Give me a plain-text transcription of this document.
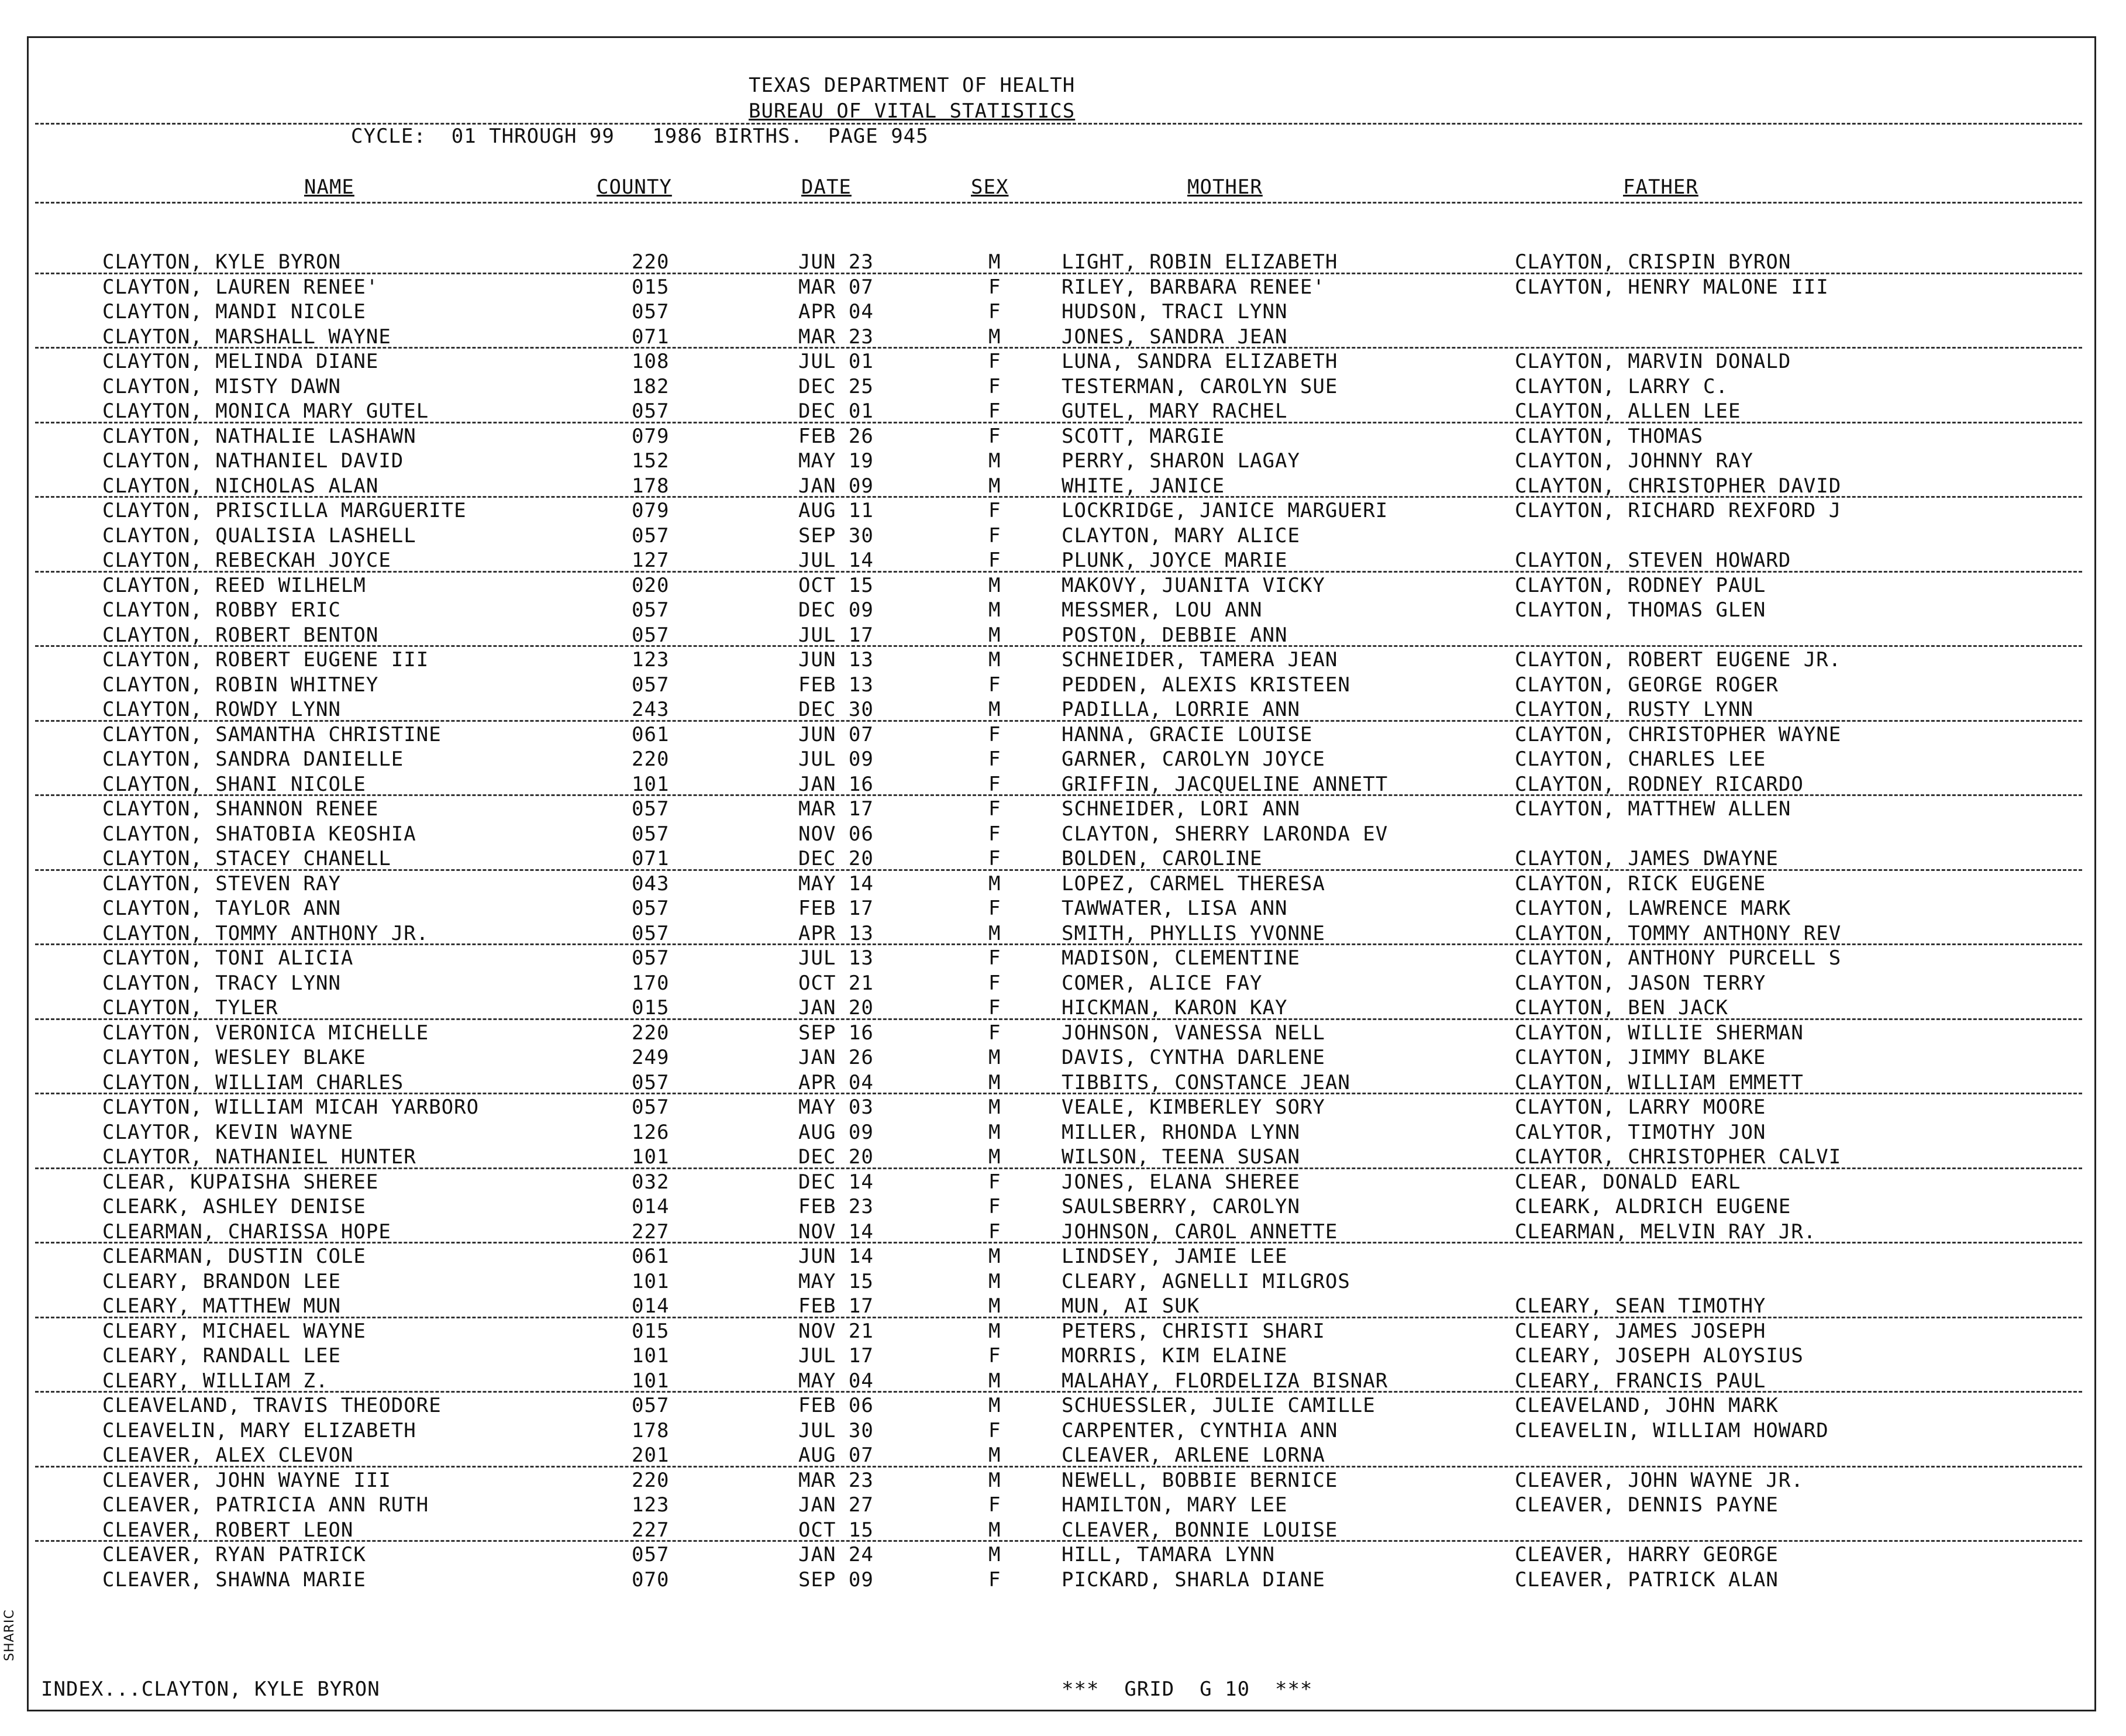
TEXAS DEPARTMENT OF HEALTH
BUREAU OF VITAL STATISTICS
CYCLE:  01 THROUGH 99   1986 BIRTHS.  PAGE 945
NAME	COUNTY	DATE	SEX	MOTHER	FATHER
CLAYTON, KYLE BYRON	220	JUN 23	M	LIGHT, ROBIN ELIZABETH	CLAYTON, CRISPIN BYRON
CLAYTON, LAUREN RENEE'	015	MAR 07	F	RILEY, BARBARA RENEE'	CLAYTON, HENRY MALONE III
CLAYTON, MANDI NICOLE	057	APR 04	F	HUDSON, TRACI LYNN
CLAYTON, MARSHALL WAYNE	071	MAR 23	M	JONES, SANDRA JEAN
CLAYTON, MELINDA DIANE	108	JUL 01	F	LUNA, SANDRA ELIZABETH	CLAYTON, MARVIN DONALD
CLAYTON, MISTY DAWN	182	DEC 25	F	TESTERMAN, CAROLYN SUE	CLAYTON, LARRY C.
CLAYTON, MONICA MARY GUTEL	057	DEC 01	F	GUTEL, MARY RACHEL	CLAYTON, ALLEN LEE
CLAYTON, NATHALIE LASHAWN	079	FEB 26	F	SCOTT, MARGIE	CLAYTON, THOMAS
CLAYTON, NATHANIEL DAVID	152	MAY 19	M	PERRY, SHARON LAGAY	CLAYTON, JOHNNY RAY
CLAYTON, NICHOLAS ALAN	178	JAN 09	M	WHITE, JANICE	CLAYTON, CHRISTOPHER DAVID
CLAYTON, PRISCILLA MARGUERITE	079	AUG 11	F	LOCKRIDGE, JANICE MARGUERI	CLAYTON, RICHARD REXFORD J
CLAYTON, QUALISIA LASHELL	057	SEP 30	F	CLAYTON, MARY ALICE
CLAYTON, REBECKAH JOYCE	127	JUL 14	F	PLUNK, JOYCE MARIE	CLAYTON, STEVEN HOWARD
CLAYTON, REED WILHELM	020	OCT 15	M	MAKOVY, JUANITA VICKY	CLAYTON, RODNEY PAUL
CLAYTON, ROBBY ERIC	057	DEC 09	M	MESSMER, LOU ANN	CLAYTON, THOMAS GLEN
CLAYTON, ROBERT BENTON	057	JUL 17	M	POSTON, DEBBIE ANN
CLAYTON, ROBERT EUGENE III	123	JUN 13	M	SCHNEIDER, TAMERA JEAN	CLAYTON, ROBERT EUGENE JR.
CLAYTON, ROBIN WHITNEY	057	FEB 13	F	PEDDEN, ALEXIS KRISTEEN	CLAYTON, GEORGE ROGER
CLAYTON, ROWDY LYNN	243	DEC 30	M	PADILLA, LORRIE ANN	CLAYTON, RUSTY LYNN
CLAYTON, SAMANTHA CHRISTINE	061	JUN 07	F	HANNA, GRACIE LOUISE	CLAYTON, CHRISTOPHER WAYNE
CLAYTON, SANDRA DANIELLE	220	JUL 09	F	GARNER, CAROLYN JOYCE	CLAYTON, CHARLES LEE
CLAYTON, SHANI NICOLE	101	JAN 16	F	GRIFFIN, JACQUELINE ANNETT	CLAYTON, RODNEY RICARDO
CLAYTON, SHANNON RENEE	057	MAR 17	F	SCHNEIDER, LORI ANN	CLAYTON, MATTHEW ALLEN
CLAYTON, SHATOBIA KEOSHIA	057	NOV 06	F	CLAYTON, SHERRY LARONDA EV
CLAYTON, STACEY CHANELL	071	DEC 20	F	BOLDEN, CAROLINE	CLAYTON, JAMES DWAYNE
CLAYTON, STEVEN RAY	043	MAY 14	M	LOPEZ, CARMEL THERESA	CLAYTON, RICK EUGENE
CLAYTON, TAYLOR ANN	057	FEB 17	F	TAWWATER, LISA ANN	CLAYTON, LAWRENCE MARK
CLAYTON, TOMMY ANTHONY JR.	057	APR 13	M	SMITH, PHYLLIS YVONNE	CLAYTON, TOMMY ANTHONY REV
CLAYTON, TONI ALICIA	057	JUL 13	F	MADISON, CLEMENTINE	CLAYTON, ANTHONY PURCELL S
CLAYTON, TRACY LYNN	170	OCT 21	F	COMER, ALICE FAY	CLAYTON, JASON TERRY
CLAYTON, TYLER	015	JAN 20	F	HICKMAN, KARON KAY	CLAYTON, BEN JACK
CLAYTON, VERONICA MICHELLE	220	SEP 16	F	JOHNSON, VANESSA NELL	CLAYTON, WILLIE SHERMAN
CLAYTON, WESLEY BLAKE	249	JAN 26	M	DAVIS, CYNTHA DARLENE	CLAYTON, JIMMY BLAKE
CLAYTON, WILLIAM CHARLES	057	APR 04	M	TIBBITS, CONSTANCE JEAN	CLAYTON, WILLIAM EMMETT
CLAYTON, WILLIAM MICAH YARBORO	057	MAY 03	M	VEALE, KIMBERLEY SORY	CLAYTON, LARRY MOORE
CLAYTOR, KEVIN WAYNE	126	AUG 09	M	MILLER, RHONDA LYNN	CALYTOR, TIMOTHY JON
CLAYTOR, NATHANIEL HUNTER	101	DEC 20	M	WILSON, TEENA SUSAN	CLAYTOR, CHRISTOPHER CALVI
CLEAR, KUPAISHA SHEREE	032	DEC 14	F	JONES, ELANA SHEREE	CLEAR, DONALD EARL
CLEARK, ASHLEY DENISE	014	FEB 23	F	SAULSBERRY, CAROLYN	CLEARK, ALDRICH EUGENE
CLEARMAN, CHARISSA HOPE	227	NOV 14	F	JOHNSON, CAROL ANNETTE	CLEARMAN, MELVIN RAY JR.
CLEARMAN, DUSTIN COLE	061	JUN 14	M	LINDSEY, JAMIE LEE
CLEARY, BRANDON LEE	101	MAY 15	M	CLEARY, AGNELLI MILGROS
CLEARY, MATTHEW MUN	014	FEB 17	M	MUN, AI SUK	CLEARY, SEAN TIMOTHY
CLEARY, MICHAEL WAYNE	015	NOV 21	M	PETERS, CHRISTI SHARI	CLEARY, JAMES JOSEPH
CLEARY, RANDALL LEE	101	JUL 17	F	MORRIS, KIM ELAINE	CLEARY, JOSEPH ALOYSIUS
CLEARY, WILLIAM Z.	101	MAY 04	M	MALAHAY, FLORDELIZA BISNAR	CLEARY, FRANCIS PAUL
CLEAVELAND, TRAVIS THEODORE	057	FEB 06	M	SCHUESSLER, JULIE CAMILLE	CLEAVELAND, JOHN MARK
CLEAVELIN, MARY ELIZABETH	178	JUL 30	F	CARPENTER, CYNTHIA ANN	CLEAVELIN, WILLIAM HOWARD
CLEAVER, ALEX CLEVON	201	AUG 07	M	CLEAVER, ARLENE LORNA
CLEAVER, JOHN WAYNE III	220	MAR 23	M	NEWELL, BOBBIE BERNICE	CLEAVER, JOHN WAYNE JR.
CLEAVER, PATRICIA ANN RUTH	123	JAN 27	F	HAMILTON, MARY LEE	CLEAVER, DENNIS PAYNE
CLEAVER, ROBERT LEON	227	OCT 15	M	CLEAVER, BONNIE LOUISE
CLEAVER, RYAN PATRICK	057	JAN 24	M	HILL, TAMARA LYNN	CLEAVER, HARRY GEORGE
CLEAVER, SHAWNA MARIE	070	SEP 09	F	PICKARD, SHARLA DIANE	CLEAVER, PATRICK ALAN
INDEX...CLAYTON, KYLE BYRON	***  GRID  G 10  ***
SHARIC
